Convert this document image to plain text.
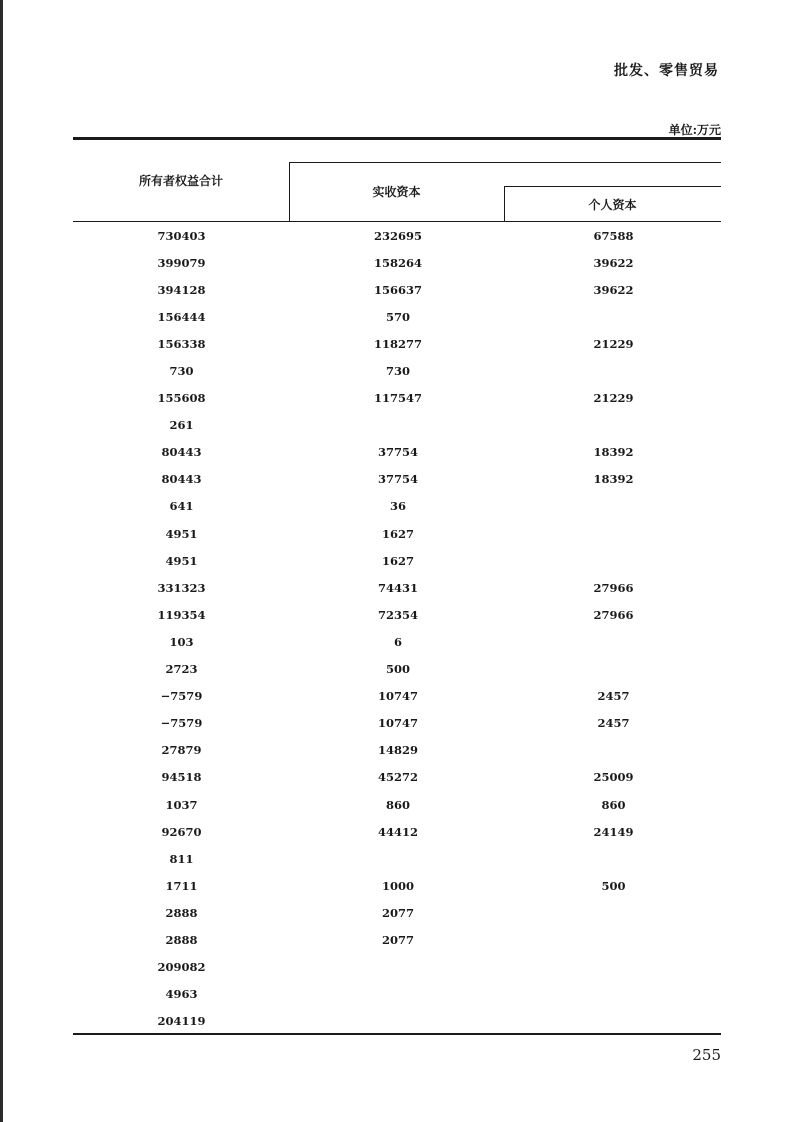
批发、零售贸易
单位:万元
所有者权益合计
实收资本
个人资本
730403	232695	67588
399079	158264	39622
394128	156637	39622
156444	570
156338	118277	21229
730	730
155608	117547	21229
261
80443	37754	18392
80443	37754	18392
641	36
4951	1627
4951	1627
331323	74431	27966
119354	72354	27966
103	6
2723	500
−7579	10747	2457
−7579	10747	2457
27879	14829
94518	45272	25009
1037	860	860
92670	44412	24149
811
1711	1000	500
2888	2077
2888	2077
209082
4963
204119
255
